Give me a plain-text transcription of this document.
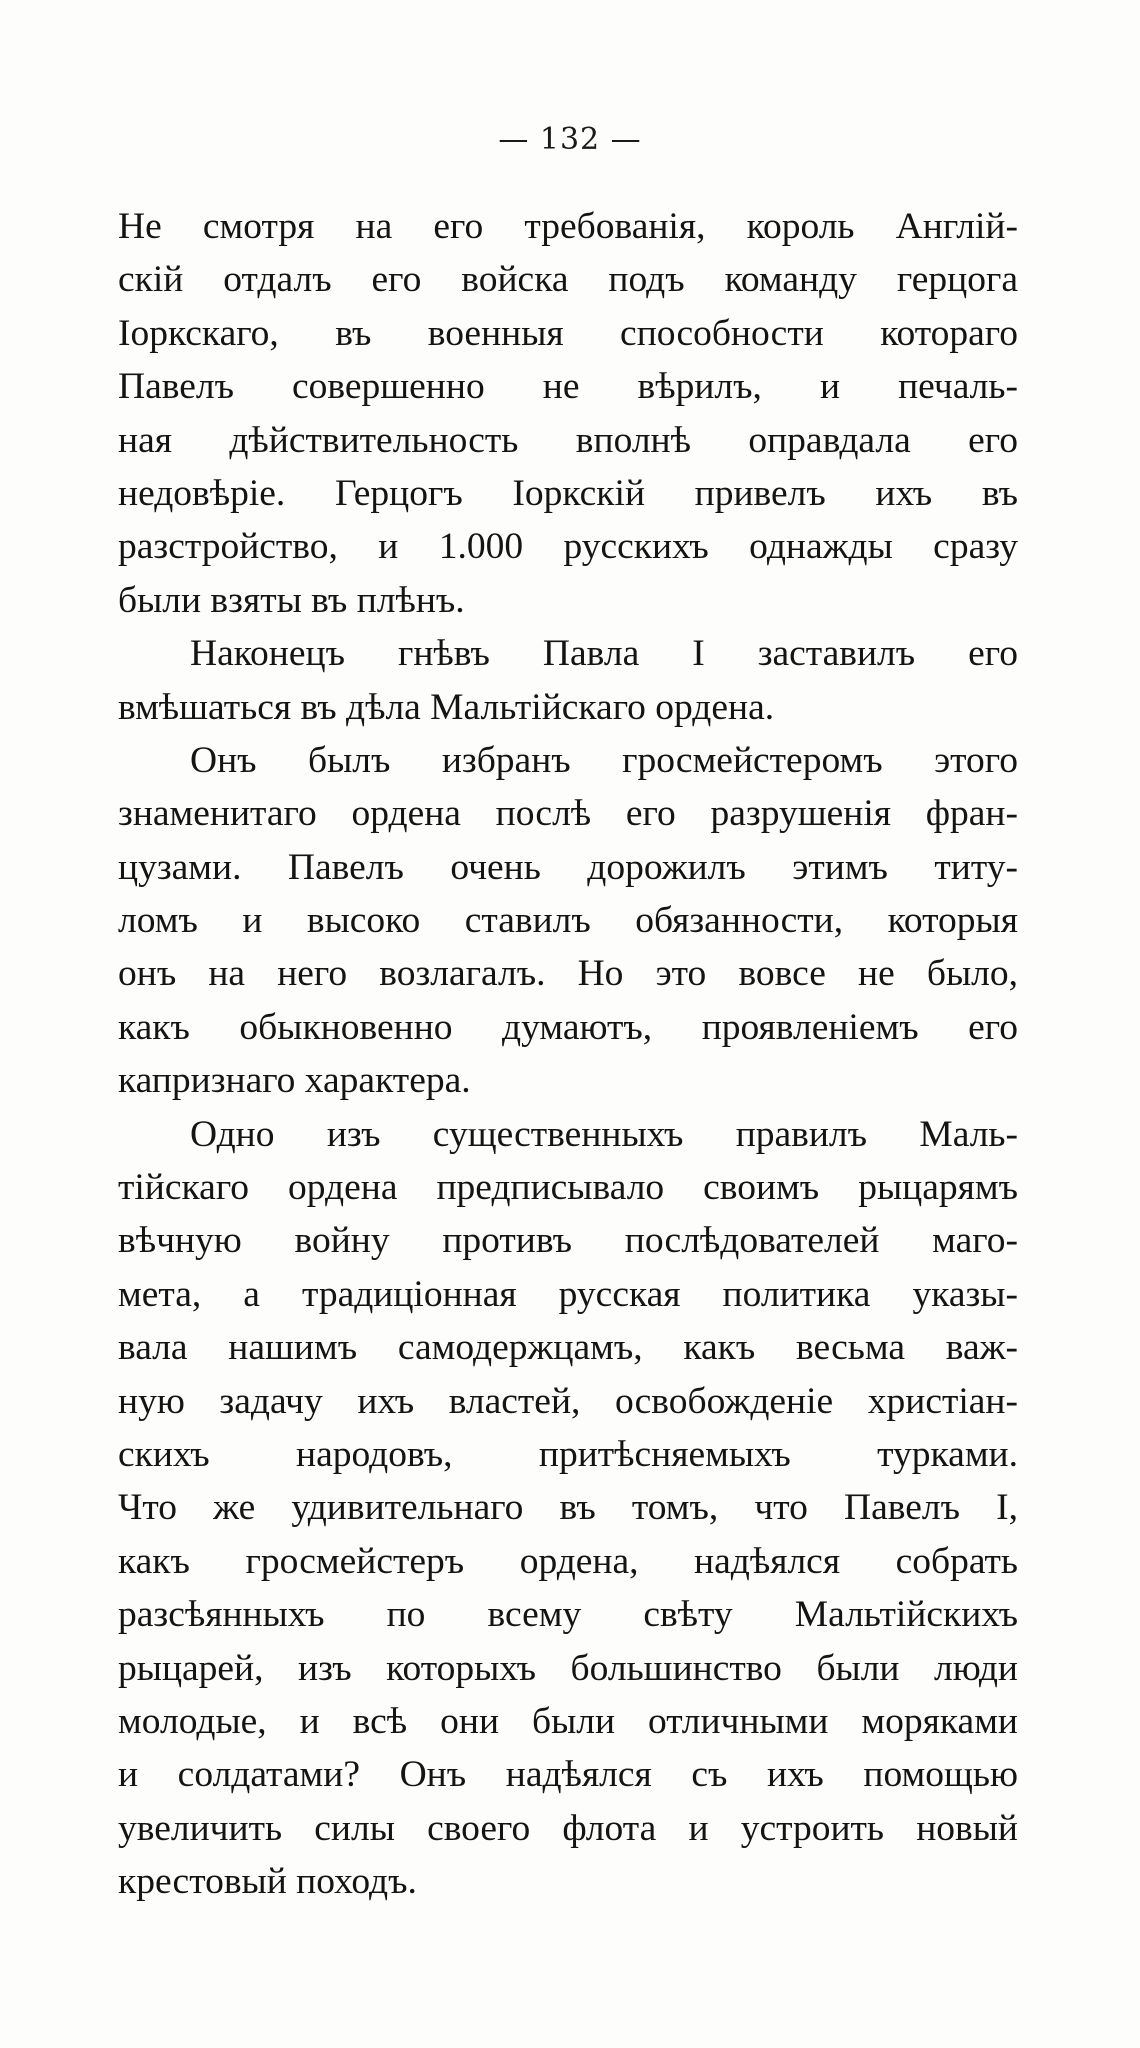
— 132 —
Не смотря на его требованія, король Англій-
скій отдалъ его войска подъ команду герцога
Іоркскаго, въ военныя способности котораго
Павелъ совершенно не вѣрилъ, и печаль-
ная дѣйствительность вполнѣ оправдала его
недовѣріе. Герцогъ Іоркскій привелъ ихъ въ
разстройство, и 1.000 русскихъ однажды сразу
были взяты въ плѣнъ.
Наконецъ гнѣвъ Павла I заставилъ его
вмѣшаться въ дѣла Мальтійскаго ордена.
Онъ былъ избранъ гросмейстеромъ этого
знаменитаго ордена послѣ его разрушенія фран-
цузами. Павелъ очень дорожилъ этимъ титу-
ломъ и высоко ставилъ обязанности, которыя
онъ на него возлагалъ. Но это вовсе не было,
какъ обыкновенно думаютъ, проявленіемъ его
капризнаго характера.
Одно изъ существенныхъ правилъ Маль-
тійскаго ордена предписывало своимъ рыцарямъ
вѣчную войну противъ послѣдователей маго-
мета, а традиціонная русская политика указы-
вала нашимъ самодержцамъ, какъ весьма важ-
ную задачу ихъ властей, освобожденіе христіан-
скихъ народовъ, притѣсняемыхъ турками.
Что же удивительнаго въ томъ, что Павелъ I,
какъ гросмейстеръ ордена, надѣялся собрать
разсѣянныхъ по всему свѣту Мальтійскихъ
рыцарей, изъ которыхъ большинство были люди
молодые, и всѣ они были отличными моряками
и солдатами? Онъ надѣялся съ ихъ помощью
увеличить силы своего флота и устроить новый
крестовый походъ.
